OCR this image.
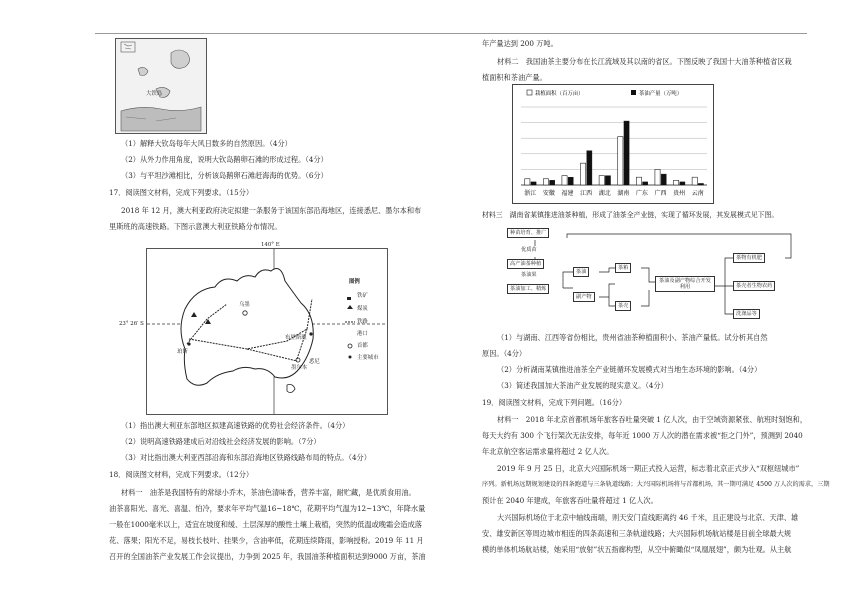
大铁岛
（1）解释大钦岛每年大风日数多的自然原因。（4分）
（2）从外力作用角度，说明大钦岛鹅卵石滩的形成过程。（4分）
（3）与平坦沙滩相比，分析该岛鹅卵石滩赶海海的优势。（6分）
17．阅读图文材料，完成下列要求。（15分）
2018 年 12 月，澳大利亚政府决定拟建一条服务于该国东部沿海地区，连接悉尼、墨尔本和布
里斯班的高速铁路。下图示意澳大利亚铁路分布情况。
140° E
23° 26′ S
图例
铁矿
煤炭
铁路
港口
首都
主要城市
珀斯
乌墨
布里斯班
悉尼
墨尔本
（1）指出澳大利亚东部地区拟建高速铁路的优势社会经济条件。（4分）
（2）说明高速铁路建成后对沿线社会经济发展的影响。（7分）
（3）对比指出澳大利亚西部沿海和东部沿海地区铁路线路布局的特点。（4分）
18．阅读图文材料，完成下列要求。（12分）
材料一　油茶是我国特有的常绿小乔木，茶油色清味香，营养丰富，耐贮藏，是优质食用油。
油茶喜阳光、喜光、喜温、怕冷，要求年平均气温16~18℃，花期平均气温为12~13℃，年降水量
一般在1000毫米以上，适宜在坡度和缓、土层深厚的酸性土壤上栽植，突然的低温或晚霜会造成落
花、落果；阳光不足，易枝长枝叶、挂果少，含油率低，花期连续降雨，影响授粉。2019 年 11 月
召开的全国油茶产业发展工作会议提出，力争到 2025 年，我国油茶种植面积达到9000 万亩，茶油
年产量达到 200 万吨。
材料二　我国油茶主要分布在长江流域及其以南的省区。下图反映了我国十大油茶种植省区栽
植面积和茶油产量。
浙江 安徽 福建 江西 湖北 湖南 广东 广西 贵州 云南
栽植面积（百万亩）	茶油产量（万吨）
材料三　湖南省某镇推进油茶种植，形成了油茶全产业链，实现了循环发展，其发展模式见下图。
种苗培育、推广
优质苗
高产油茶种植
茶油果
茶油加工、精炼
茶油
副产物
茶粕
茶壳
茶油及副产物综合开发利用
茶物有机肥
茶壳者生物农药
洗涤品等
（1）与湖南、江西等省份相比，贵州省油茶种植面积小、茶油产量低。试分析其自然
原因。（4分）
（2）分析湖南某镇推进油茶全产业链循环发展模式对当地生态环境的影响。（4分）
（3）简述我国加大茶油产业发展的现实意义。（4分）
19．阅读图文材料，完成下列问题。（16分）
材料一　2018 年北京首都机场年旅客吞吐量突破 1 亿人次，由于空域资源紧张、航班时刻饱和，
每天大约有 300 个飞行架次无法安排，每年近 1000 万人次的潜在需求被“拒之门外”，预测到 2040
年北京航空客运需求量将超过 2 亿人次。
2019 年 9 月 25 日，北京大兴国际机场一期正式投入运营，标志着北京正式步入“双枢纽城市”
序列。新机场远期规划建设的四条跑道与三条轨道线路；大兴国际机场将与首都机场，其一期可满足 4500 万人次的需求，三期
预计在 2040 年建成，年旅客吞吐量将超过 1 亿人次。
大兴国际机场位于北京中轴线南端，则天安门直线距离约 46 千米，且正建设与北京、天津、雄
安、雄安新区等周边城市相连的四条高速和三条轨道线路；大兴国际机场航站楼是目前全球最大规
模的单体机场航站楼，她采用“放射”状五指廊构型，从空中俯瞰似“凤凰展翅”，颇为壮观。从主航
